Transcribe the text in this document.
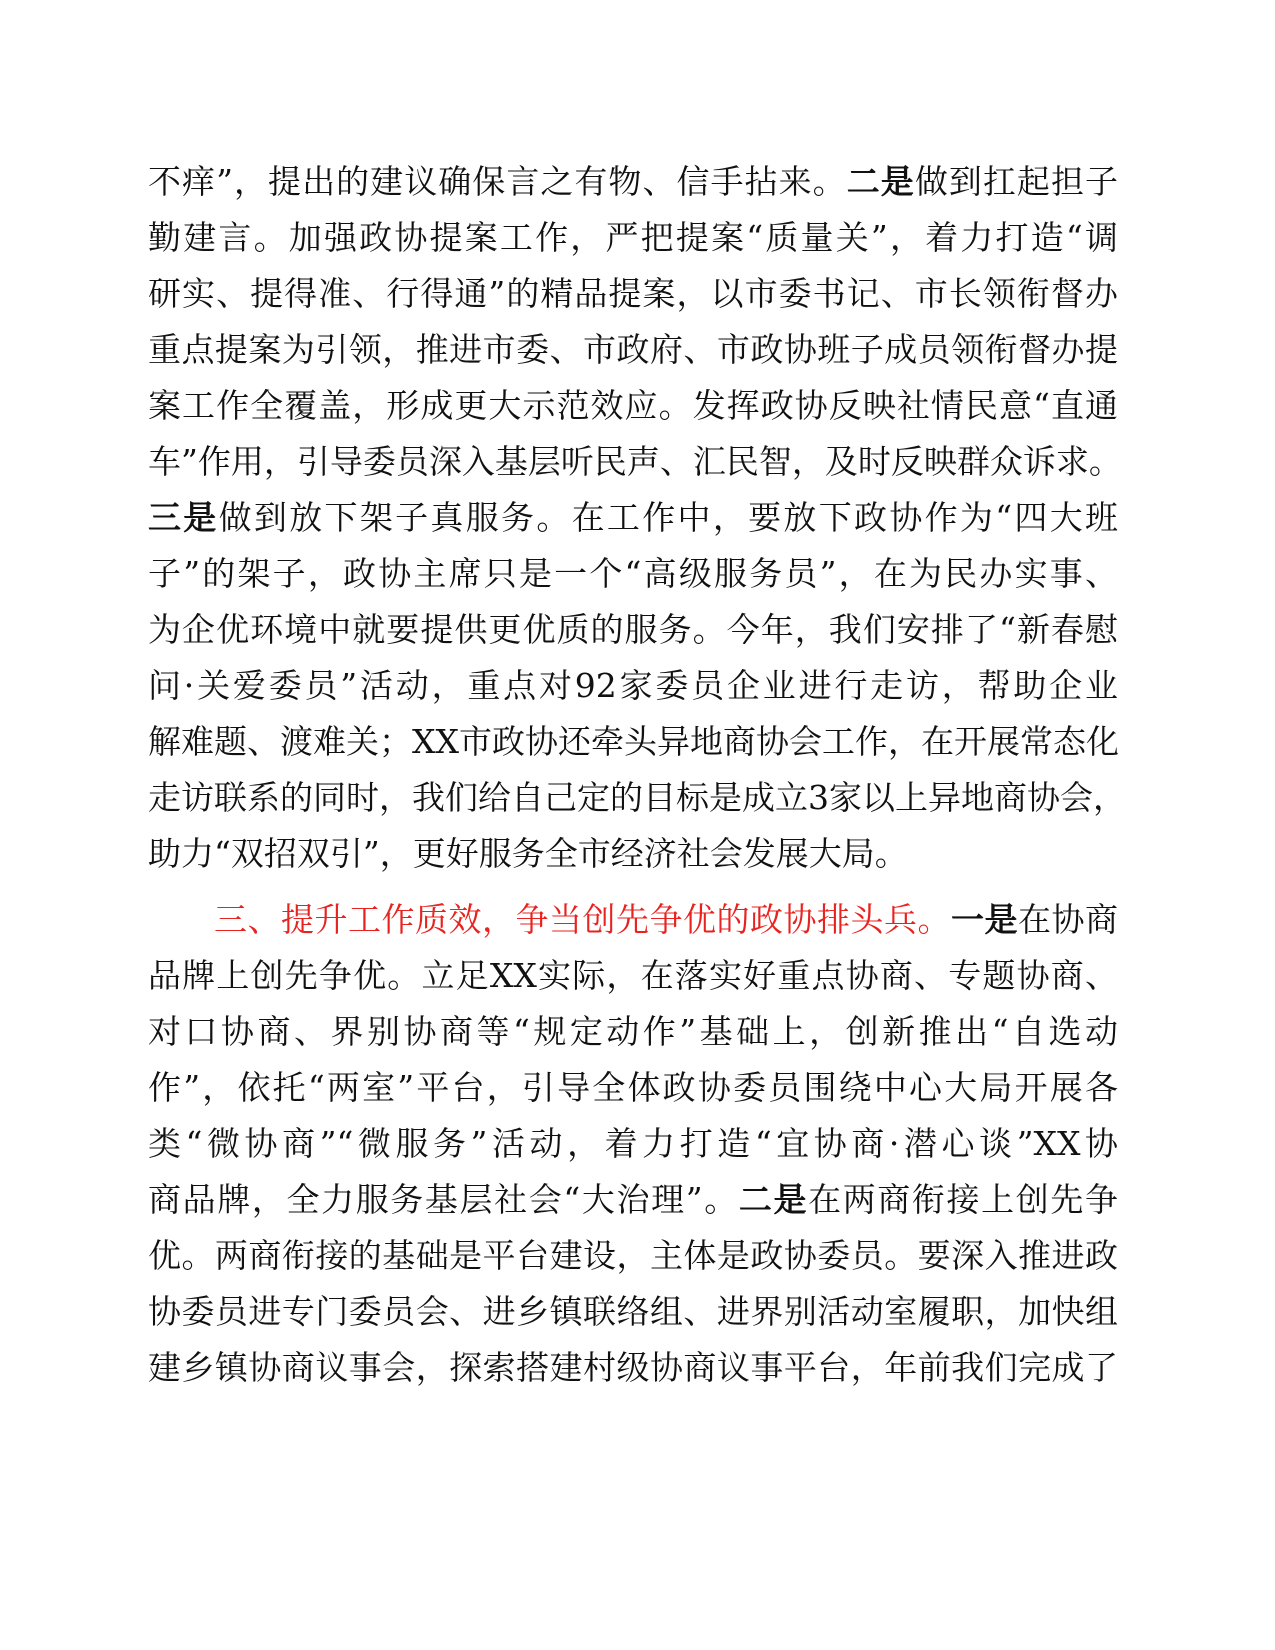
不痒”，提出的建议确保言之有物、信手拈来。二是做到扛起担子
勤建言。加强政协提案工作，严把提案“质量关”，着力打造“调
研实、提得准、行得通”的精品提案，以市委书记、市长领衔督办
重点提案为引领，推进市委、市政府、市政协班子成员领衔督办提
案工作全覆盖，形成更大示范效应。发挥政协反映社情民意“直通
车”作用，引导委员深入基层听民声、汇民智，及时反映群众诉求。
三是做到放下架子真服务。在工作中，要放下政协作为“四大班
子”的架子，政协主席只是一个“高级服务员”，在为民办实事、
为企优环境中就要提供更优质的服务。今年，我们安排了“新春慰
问·关爱委员”活动，重点对92家委员企业进行走访，帮助企业
解难题、渡难关；XX市政协还牵头异地商协会工作，在开展常态化
走访联系的同时，我们给自己定的目标是成立3家以上异地商协会，
助力“双招双引”，更好服务全市经济社会发展大局。
三、提升工作质效，争当创先争优的政协排头兵。一是在协商
品牌上创先争优。立足XX实际，在落实好重点协商、专题协商、
对口协商、界别协商等“规定动作”基础上，创新推出“自选动
作”，依托“两室”平台，引导全体政协委员围绕中心大局开展各
类“微协商”“微服务”活动，着力打造“宜协商·潜心谈”XX协
商品牌，全力服务基层社会“大治理”。二是在两商衔接上创先争
优。两商衔接的基础是平台建设，主体是政协委员。要深入推进政
协委员进专门委员会、进乡镇联络组、进界别活动室履职，加快组
建乡镇协商议事会，探索搭建村级协商议事平台，年前我们完成了
